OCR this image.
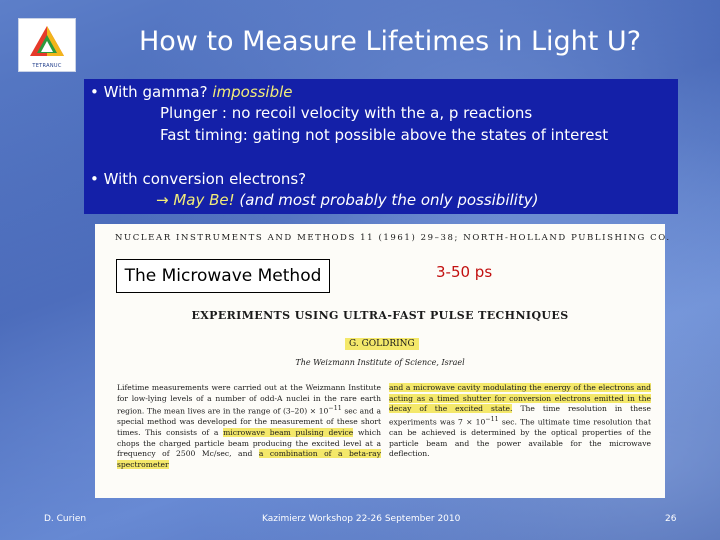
TETRANUC
How to Measure Lifetimes in Light U?
• With gamma? impossible
Plunger : no recoil velocity with the a, p reactions
Fast timing: gating not possible above the states of interest
• With conversion electrons?
→ May Be! (and most probably the only possibility)
NUCLEAR INSTRUMENTS AND METHODS 11 (1961) 29–38; NORTH-HOLLAND PUBLISHING CO.
The Microwave Method	3-50 ps
EXPERIMENTS USING ULTRA-FAST PULSE TECHNIQUES
G. GOLDRING
The Weizmann Institute of Science, Israel
Lifetime measurements were carried out at the Weizmann Institute for low-lying levels of a number of odd-A nuclei in the rare earth region. The mean lives are in the range of $(3-20) \times 10^{-11}$ sec and a special method was developed for the measurement of these short times. This consists of a microwave beam pulsing device which chops the charged particle beam producing the excited level at a frequency of 2500 Mc/sec, and a combination of a beta-ray spectrometer
and a microwave cavity modulating the energy of the electrons and acting as a timed shutter for conversion electrons emitted in the decay of the excited state. The time resolution in these experiments was $7 \times 10^{-11}$ sec. The ultimate time resolution that can be achieved is determined by the optical properties of the particle beam and the power available for the microwave deflection.
D. Curien	Kazimierz Workshop 22-26 September 2010	26
